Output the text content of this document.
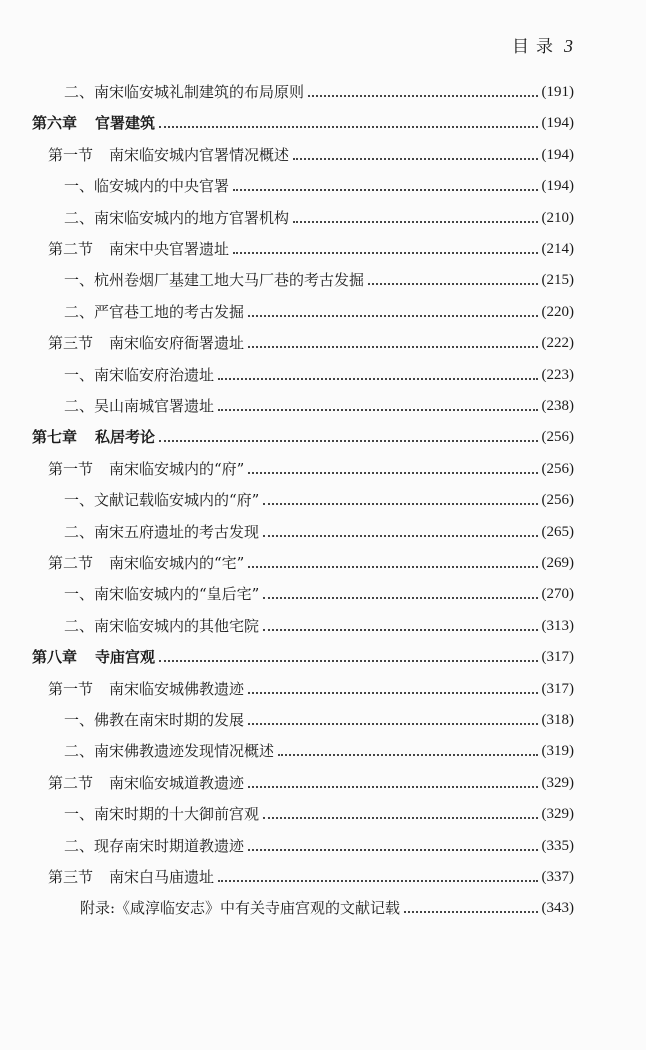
目 录 3
二、南宋临安城礼制建筑的布局原则	(191)
第六章 官署建筑	(194)
第一节 南宋临安城内官署情况概述	(194)
一、临安城内的中央官署	(194)
二、南宋临安城内的地方官署机构	(210)
第二节 南宋中央官署遗址	(214)
一、杭州卷烟厂基建工地大马厂巷的考古发掘	(215)
二、严官巷工地的考古发掘	(220)
第三节 南宋临安府衙署遗址	(222)
一、南宋临安府治遗址	(223)
二、吴山南城官署遗址	(238)
第七章 私居考论	(256)
第一节 南宋临安城内的“府”	(256)
一、文献记载临安城内的“府”	(256)
二、南宋五府遗址的考古发现	(265)
第二节 南宋临安城内的“宅”	(269)
一、南宋临安城内的“皇后宅”	(270)
二、南宋临安城内的其他宅院	(313)
第八章 寺庙宫观	(317)
第一节 南宋临安城佛教遗迹	(317)
一、佛教在南宋时期的发展	(318)
二、南宋佛教遗迹发现情况概述	(319)
第二节 南宋临安城道教遗迹	(329)
一、南宋时期的十大御前宫观	(329)
二、现存南宋时期道教遗迹	(335)
第三节 南宋白马庙遗址	(337)
附录:《咸淳临安志》中有关寺庙宫观的文献记载	(343)
